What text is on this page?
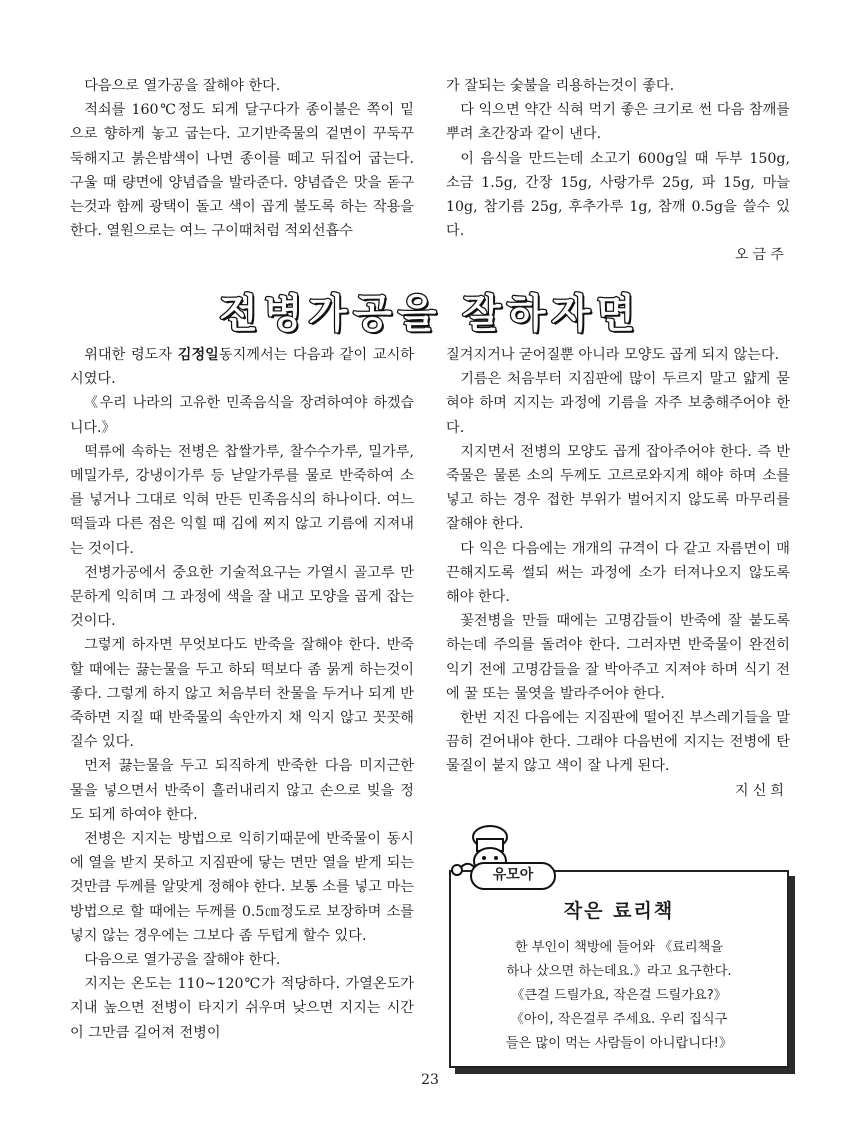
다음으로 열가공을 잘해야 한다.

적쇠를 160℃정도 되게 달구다가 종이불은 쪽이 밑으로 향하게 놓고 굽는다. 고기반죽물의 겉면이 꾸둑꾸둑해지고 붉은밤색이 나면 종이를 떼고 뒤집어 굽는다. 구울 때 량면에 양념즙을 발라준다. 양념즙은 맛을 돋구는것과 함께 광택이 돌고 색이 곱게 불도록 하는 작용을 한다. 열원으로는 여느 구이때처럼 적외선흡수

가 잘되는 숯불을 리용하는것이 좋다.

다 익으면 약간 식혀 먹기 좋은 크기로 썬 다음 참깨를 뿌려 초간장과 같이 낸다.

이 음식을 만드는데 소고기 600g일 때 두부 150g, 소금 1.5g, 간장 15g, 사랑가루 25g, 파 15g, 마늘 10g, 참기름 25g, 후추가루 1g, 참깨 0.5g을 쓸수 있다.

오금주

전병가공을 잘하자면

위대한 령도자 김정일동지께서는 다음과 같이 교시하시였다.

《우리 나라의 고유한 민족음식을 장려하여야 하겠습니다.》

떡류에 속하는 전병은 찹쌀가루, 찰수수가루, 밀가루, 메밀가루, 강냉이가루 등 낟알가루를 물로 반죽하여 소를 넣거나 그대로 익혀 만든 민족음식의 하나이다. 여느 떡들과 다른 점은 익힐 때 김에 찌지 않고 기름에 지져내는 것이다.

전병가공에서 중요한 기술적요구는 가열시 골고루 만문하게 익히며 그 과정에 색을 잘 내고 모양을 곱게 잡는것이다.

그렇게 하자면 무엇보다도 반죽을 잘해야 한다. 반죽할 때에는 끓는물을 두고 하되 떡보다 좀 묽게 하는것이 좋다. 그렇게 하지 않고 처음부터 찬물을 두거나 되게 반죽하면 지질 때 반죽물의 속안까지 채 익지 않고 꼿꼿해질수 있다.

먼저 끓는물을 두고 되직하게 반죽한 다음 미지근한 물을 넣으면서 반죽이 흘러내리지 않고 손으로 빚을 정도 되게 하여야 한다.

전병은 지지는 방법으로 익히기때문에 반죽물이 동시에 열을 받지 못하고 지짐판에 닿는 면만 열을 받게 되는것만큼 두께를 알맞게 정해야 한다. 보통 소를 넣고 마는 방법으로 할 때에는 두께를 0.5㎝정도로 보장하며 소를 넣지 않는 경우에는 그보다 좀 두텁게 할수 있다.

다음으로 열가공을 잘해야 한다.

지지는 온도는 110~120℃가 적당하다. 가열온도가 지내 높으면 전병이 타지기 쉬우며 낮으면 지지는 시간이 그만큼 길어져 전병이

질겨지거나 굳어질뿐 아니라 모양도 곱게 되지 않는다.

기름은 처음부터 지짐판에 많이 두르지 말고 얇게 묻혀야 하며 지지는 과정에 기름을 자주 보충해주어야 한다.

지지면서 전병의 모양도 곱게 잡아주어야 한다. 즉 반죽물은 물론 소의 두께도 고르로와지게 해야 하며 소를 넣고 하는 경우 접한 부위가 벌어지지 않도록 마무리를 잘해야 한다.

다 익은 다음에는 개개의 규격이 다 같고 자름면이 매끈해지도록 썰되 써는 과정에 소가 터져나오지 않도록 해야 한다.

꽃전병을 만들 때에는 고명감들이 반죽에 잘 붙도록 하는데 주의를 돌려야 한다. 그러자면 반죽물이 완전히 익기 전에 고명감들을 잘 박아주고 지져야 하며 식기 전에 꿀 또는 물엿을 발라주어야 한다.

한번 지진 다음에는 지짐판에 떨어진 부스레기들을 말끔히 걷어내야 한다. 그래야 다음번에 지지는 전병에 탄 물질이 붙지 않고 색이 잘 나게 된다.

지신희

작은 료리책

한 부인이 책방에 들어와 《료리책을

하나 샀으면 하는데요.》라고 요구한다.

《큰걸 드릴가요, 작은걸 드릴가요?》

《아이, 작은걸루 주세요. 우리 집식구

들은 많이 먹는 사람들이 아니랍니다!》

유모아
23
